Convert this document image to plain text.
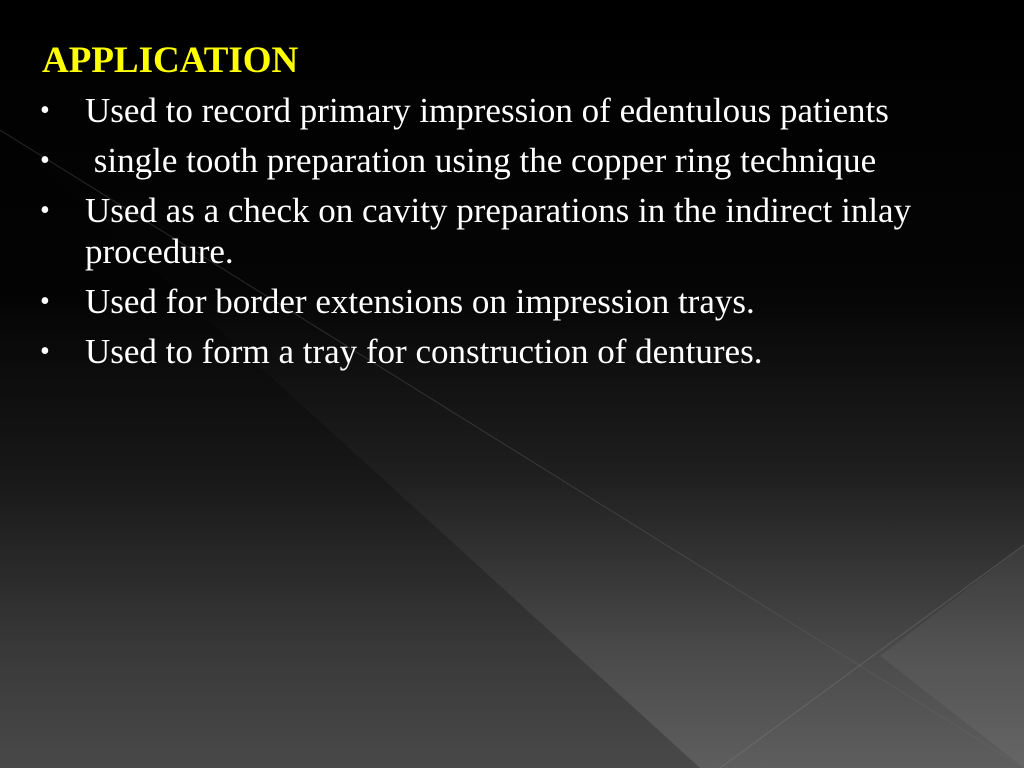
APPLICATION
•	Used to record primary impression of edentulous patients
•	single tooth preparation using the copper ring technique
•	Used as a check on cavity preparations in the indirect inlay procedure.
•	Used for border extensions on impression trays.
•	Used to form a tray for construction of dentures.
